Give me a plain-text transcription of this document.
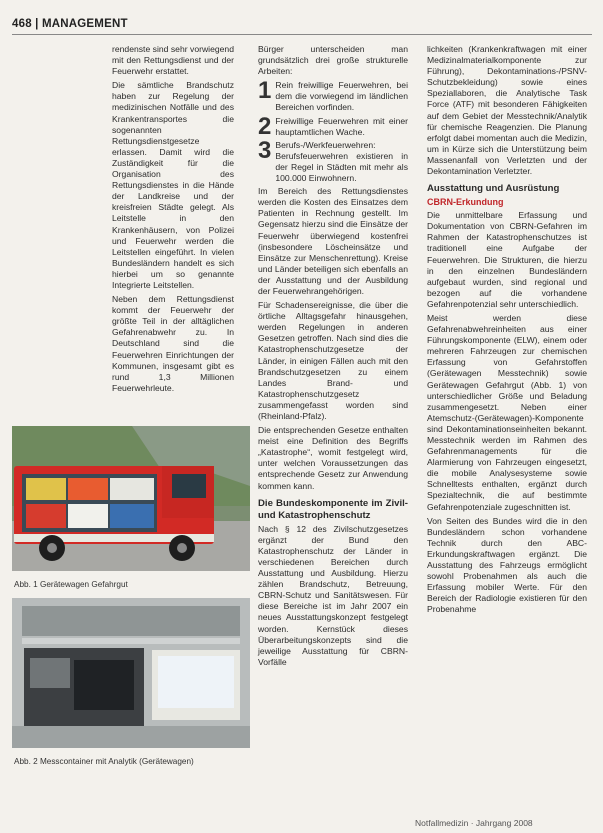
468 | MANAGEMENT

rendenste sind sehr vorwiegend mit den Rettungsdienst und der Feuerwehr erstattet.

Die sämtliche Brandschutz haben zur Regelung der medizinischen Notfälle und des Krankentransportes die sogenannten Rettungsdienstgesetze erlassen. Damit wird die Zuständigkeit für die Organisation des Rettungsdienstes in die Hände der Landkreise und der kreisfreien Städte gelegt. Als Leitstelle in den Krankenhäusern, von Polizei und Feuerwehr werden die Leitstellen eingeführt. In vielen Bundesländern handelt es sich hierbei um so genannte Integrierte Leitstellen.

Neben dem Rettungsdienst kommt der Feuerwehr der größte Teil in der alltäglichen Gefahrenabwehr zu. In Deutschland sind die Feuerwehren Einrichtungen der Kommunen, insgesamt gibt es rund 1,3 Millionen Feuerwehrleute.

Bürger unterscheiden man grundsätzlich drei große strukturelle Arbeiten:

1 Rein freiwillige Feuerwehren, bei dem die vorwiegend im ländlichen Bereichen vorfinden.
2 Freiwillige Feuerwehren mit einer hauptamtlichen Wache.
3 Berufs-/Werkfeuerwehren: Berufsfeuerwehren existieren in der Regel in Städten mit mehr als 100.000 Einwohnern.

Im Bereich des Rettungsdienstes werden die Kosten des Einsatzes dem Patienten in Rechnung gestellt. Im Gegensatz hierzu sind die Einsätze der Feuerwehr überwiegend kostenfrei (insbesondere Löscheinsätze und Einsätze zur Menschenrettung). Kreise und Länder beteiligen sich ebenfalls an der Ausstattung und der Ausbildung der Feuerwehrangehörigen.

Für Schadensereignisse, die über die örtliche Alltagsgefahr hinausgehen, werden Regelungen in anderen Gesetzen getroffen. Nach sind dies die Katastrophenschutzgesetze der Länder, in einigen Fällen auch mit den Brandschutzgesetzen zu einem Landes Brand- und Katastrophenschutzgesetz zusammengefasst worden sind (Rheinland-Pfalz).

Die entsprechenden Gesetze enthalten meist eine Definition des Begriffs „Katastrophe“, womit festgelegt wird, unter welchen Voraussetzungen das entsprechende Gesetz zur Anwendung kommen kann.

Die Bundeskomponente im Zivil- und Katastrophenschutz

Nach § 12 des Zivilschutzgesetzes ergänzt der Bund den Katastrophenschutz der Länder in verschiedenen Bereichen durch Ausstattung und Ausbildung. Hierzu zählen Brandschutz, Betreuung, CBRN-Schutz und Sanitätswesen. Für diese Bereiche ist im Jahr 2007 ein neues Ausstattungskonzept festgelegt worden. Kernstück dieses Überarbeitungskonzepts sind die jeweilige Ausstattung für CBRN-Vorfälle

lichkeiten (Krankenkraftwagen mit einer Medizinalmaterialkomponente zur Führung), Dekontaminations-/PSNV-Schutzbekleidung) sowie eines Speziallaboren, die Analytische Task Force (ATF) mit besonderen Fähigkeiten auf dem Gebiet der Messtechnik/Analytik für chemische Reagenzien. Die Planung erfolgt dabei momentan auch die Medizin, um in Kürze sich die Unterstützung beim Massenanfall von Verletzten und der Dekontamination Verletzter.

Ausstattung und Ausrüstung
CBRN-Erkundung

Die unmittelbare Erfassung und Dokumentation von CBRN-Gefahren im Rahmen der Katastrophenschutzes ist traditionell eine Aufgabe der Feuerwehren. Die Strukturen, die hierzu in den einzelnen Bundesländern aufgebaut wurden, sind regional und bezogen auf die vorhandene Gefahrenpotenzial sehr unterschiedlich.

Meist werden diese Gefahrenabwehreinheiten aus einer Führungskomponente (ELW), einem oder mehreren Fahrzeugen zur chemischen Erfassung von Gefahrstoffen (Gerätewagen Messtechnik) sowie Gerätewagen Gefahrgut (Abb. 1) von unterschiedlicher Größe und Beladung zusammengesetzt. Neben einer Atemschutz-(Gerätewagen)-Komponente sind Dekontaminationseinheiten bekannt. Messtechnik werden im Rahmen des Gefahrenmanagements für die Alarmierung von Fahrzeugen eingesetzt, die mobile Analysesysteme sowie Schnelltests enthalten, ergänzt durch Spezialtechnik, die auf bestimmte Gefahrenpotenziale zugeschnitten ist.

Von Seiten des Bundes wird die in den Bundesländern schon vorhandene Technik durch den ABC-Erkundungskraftwagen ergänzt. Die Ausstattung des Fahrzeugs ermöglicht sowohl Probenahmen als auch die Erfassung mobiler Werte. Für den Bereich der Radiologie existieren für den Probenahme

Abb. 1 Gerätewagen Gefahrgut
Abb. 2 Messcontainer mit Analytik (Gerätewagen)
Notfallmedizin · Jahrgang 2008
